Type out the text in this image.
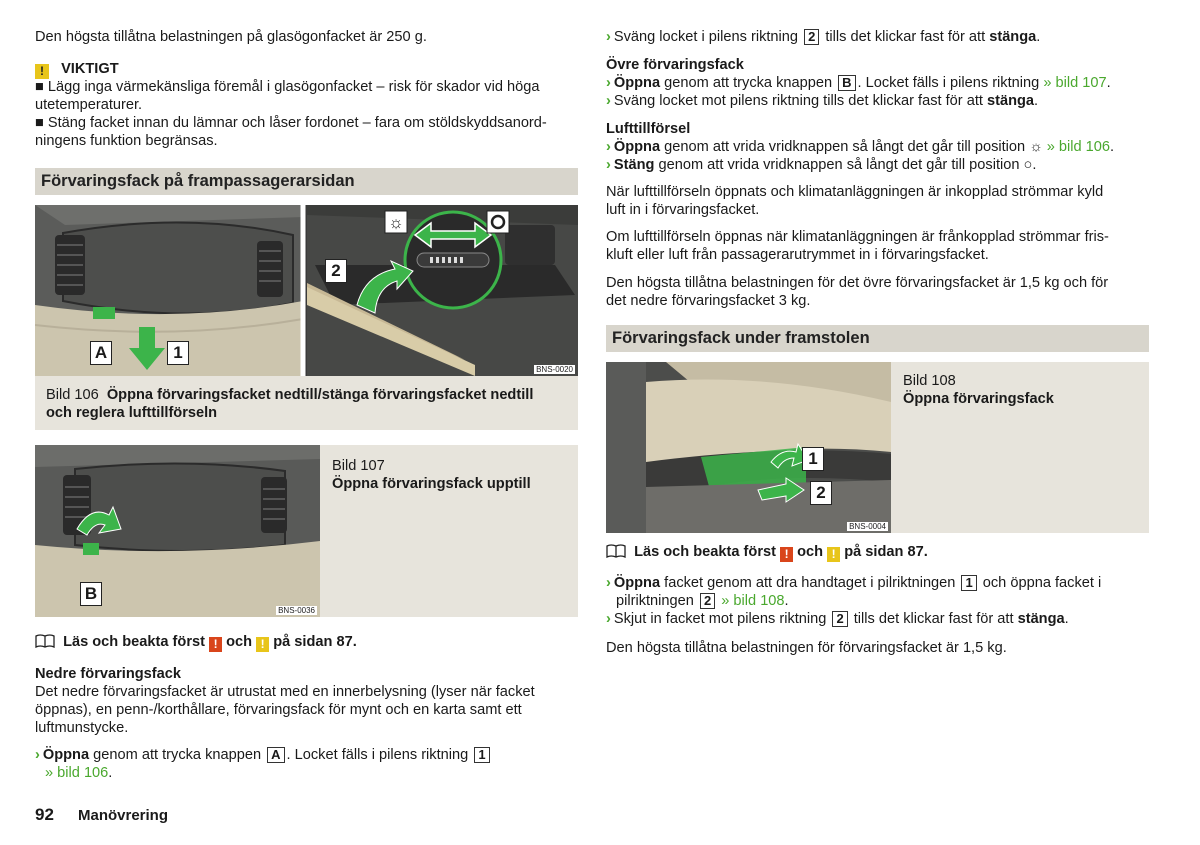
Den högsta tillåtna belastningen på glasögonfacket är 250 g.

! VIKTIGT
■ Lägg inga värmekänsliga föremål i glasögonfacket – risk för skador vid höga
utetemperaturer.
■ Stäng facket innan du lämnar och låser fordonet – fara om stöldskyddsanord-
ningens funktion begränsas.
Förvaringsfack på frampassagerarsidan
☼
A	1
2
BNS-0020
Bild 106 Öppna förvaringsfacket nedtill/stänga förvaringsfacket nedtill
och reglera lufttillförseln
B
BNS-0036
Bild 107
Öppna förvaringsfack upptill
Läs och beakta först ! och ! på sidan 87.
Nedre förvaringsfack
Det nedre förvaringsfacket är utrustat med en innerbelysning (lyser när facket
öppnas), en penn-/korthållare, förvaringsfack för mynt och en karta samt ett
luftmunstycke.
› Öppna genom att trycka knappen A . Locket fälls i pilens riktning 1
» bild 106.
92 Manövrering
› Sväng locket i pilens riktning 2 tills det klickar fast för att stänga.
Övre förvaringsfack
› Öppna genom att trycka knappen B . Locket fälls i pilens riktning » bild 107.
› Sväng locket mot pilens riktning tills det klickar fast för att stänga.
Lufttillförsel
› Öppna genom att vrida vridknappen så långt det går till position ☼ » bild 106.
› Stäng genom att vrida vridknappen så långt det går till position ○.
När lufttillförseln öppnats och klimatanläggningen är inkopplad strömmar kyld
luft in i förvaringsfacket.
Om lufttillförseln öppnas när klimatanläggningen är frånkopplad strömmar fris-
kluft eller luft från passagerarutrymmet in i förvaringsfacket.
Den högsta tillåtna belastningen för det övre förvaringsfacket är 1,5 kg och för
det nedre förvaringsfacket 3 kg.
Förvaringsfack under framstolen
1
2
BNS-0004
Bild 108
Öppna förvaringsfack
Läs och beakta först ! och ! på sidan 87.
› Öppna facket genom att dra handtaget i pilriktningen 1 och öppna facket i
pilriktningen 2 » bild 108.
› Skjut in facket mot pilens riktning 2 tills det klickar fast för att stänga.

Den högsta tillåtna belastningen för förvaringsfacket är 1,5 kg.
